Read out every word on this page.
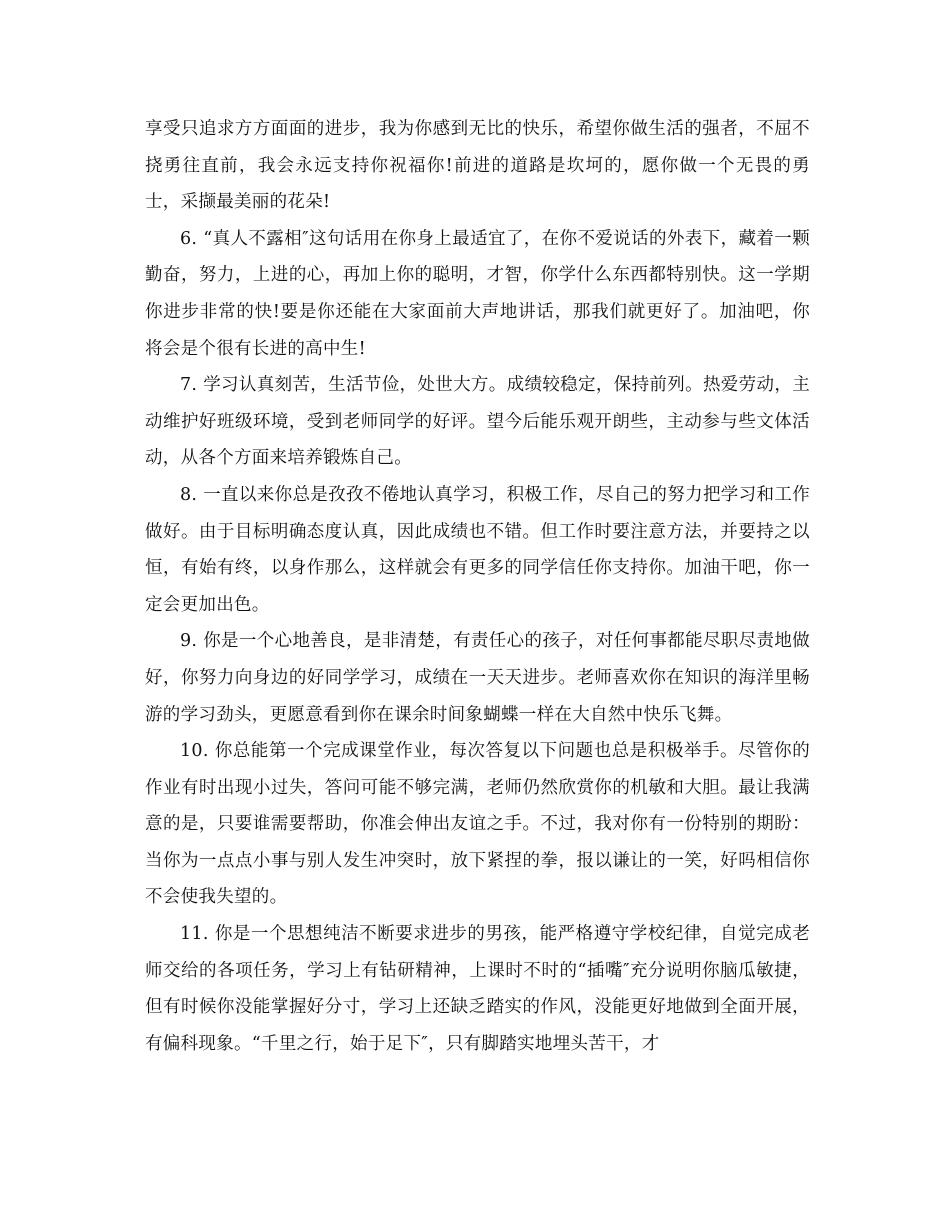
享受只追求方方面面的进步，我为你感到无比的快乐，希望你做生活的强者，不屈不挠勇往直前，我会永远支持你祝福你!前进的道路是坎坷的，愿你做一个无畏的勇士，采撷最美丽的花朵!

6. “真人不露相″这句话用在你身上最适宜了，在你不爱说话的外表下，藏着一颗勤奋，努力，上进的心，再加上你的聪明，才智，你学什么东西都特别快。这一学期你进步非常的快!要是你还能在大家面前大声地讲话，那我们就更好了。加油吧，你将会是个很有长进的高中生!

7. 学习认真刻苦，生活节俭，处世大方。成绩较稳定，保持前列。热爱劳动，主动维护好班级环境，受到老师同学的好评。望今后能乐观开朗些，主动参与些文体活动，从各个方面来培养锻炼自己。

8. 一直以来你总是孜孜不倦地认真学习，积极工作，尽自己的努力把学习和工作做好。由于目标明确态度认真，因此成绩也不错。但工作时要注意方法，并要持之以恒，有始有终，以身作那么，这样就会有更多的同学信任你支持你。加油干吧，你一定会更加出色。

9. 你是一个心地善良，是非清楚，有责任心的孩子，对任何事都能尽职尽责地做好，你努力向身边的好同学学习，成绩在一天天进步。老师喜欢你在知识的海洋里畅游的学习劲头，更愿意看到你在课余时间象蝴蝶一样在大自然中快乐飞舞。

10. 你总能第一个完成课堂作业，每次答复以下问题也总是积极举手。尽管你的作业有时出现小过失，答问可能不够完满，老师仍然欣赏你的机敏和大胆。最让我满意的是，只要谁需要帮助，你准会伸出友谊之手。不过，我对你有一份特别的期盼：当你为一点点小事与别人发生冲突时，放下紧捏的拳，报以谦让的一笑，好吗相信你不会使我失望的。

11. 你是一个思想纯洁不断要求进步的男孩，能严格遵守学校纪律，自觉完成老师交给的各项任务，学习上有钻研精神，上课时不时的“插嘴″充分说明你脑瓜敏捷，但有时候你没能掌握好分寸，学习上还缺乏踏实的作风，没能更好地做到全面开展，有偏科现象。“千里之行，始于足下″，只有脚踏实地埋头苦干，才
